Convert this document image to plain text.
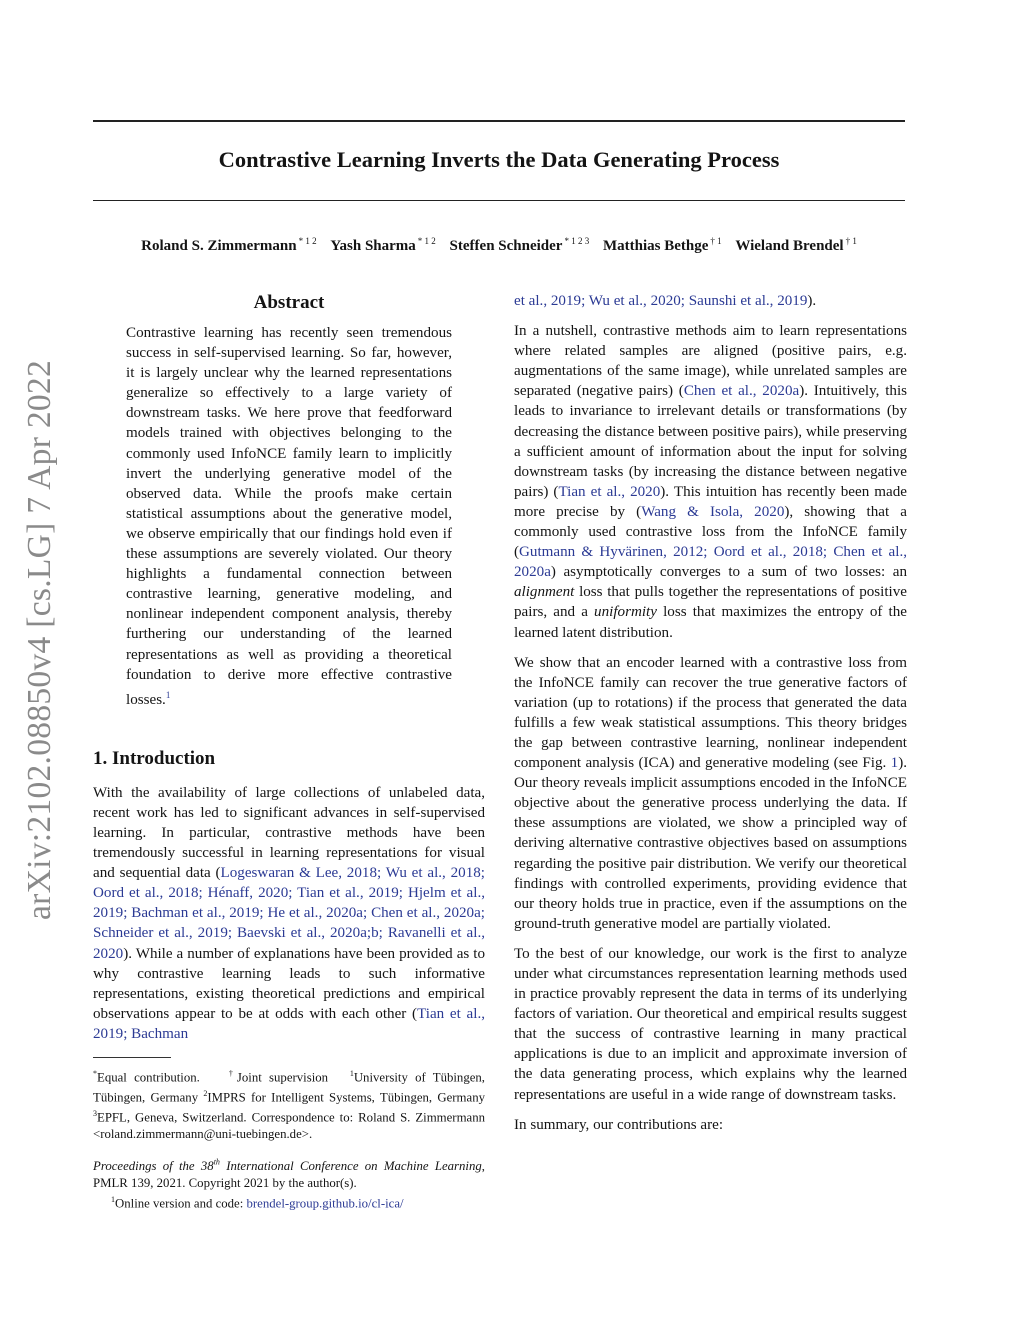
arXiv:2102.08850v4 [cs.LG] 7 Apr 2022
Contrastive Learning Inverts the Data Generating Process
Roland S. Zimmermann $^{* 1 2}$ Yash Sharma $^{* 1 2}$ Steffen Schneider $^{* 1 2 3}$ Matthias Bethge $^{\dagger 1}$ Wieland Brendel $^{\dagger 1}$
Abstract

Contrastive learning has recently seen tremendous success in self-supervised learning. So far, however, it is largely unclear why the learned representations generalize so effectively to a large variety of downstream tasks. We here prove that feedforward models trained with objectives belonging to the commonly used InfoNCE family learn to implicitly invert the underlying generative model of the observed data. While the proofs make certain statistical assumptions about the generative model, we observe empirically that our findings hold even if these assumptions are severely violated. Our theory highlights a fundamental connection between contrastive learning, generative modeling, and nonlinear independent component analysis, thereby furthering our understanding of the learned representations as well as providing a theoretical foundation to derive more effective contrastive losses.$^1$

1. Introduction

With the availability of large collections of unlabeled data, recent work has led to significant advances in self-supervised learning. In particular, contrastive methods have been tremendously successful in learning representations for visual and sequential data (Logeswaran & Lee, 2018; Wu et al., 2018; Oord et al., 2018; Hénaff, 2020; Tian et al., 2019; Hjelm et al., 2019; Bachman et al., 2019; He et al., 2020a; Chen et al., 2020a; Schneider et al., 2019; Baevski et al., 2020a;b; Ravanelli et al., 2020). While a number of explanations have been provided as to why contrastive learning leads to such informative representations, existing theoretical predictions and empirical observations appear to be at odds with each other (Tian et al., 2019; Bachman

*Equal contribution.	†Joint supervision	$^1$University of Tübingen, Tübingen, Germany $^2$IMPRS for Intelligent Systems, Tübingen, Germany $^3$EPFL, Geneva, Switzerland. Correspondence to: Roland S. Zimmermann <roland.zimmermann@uni-tuebingen.de>.

Proceedings of the 38th International Conference on Machine Learning, PMLR 139, 2021. Copyright 2021 by the author(s).

$^1$Online version and code: brendel-group.github.io/cl-ica/

et al., 2019; Wu et al., 2020; Saunshi et al., 2019).

In a nutshell, contrastive methods aim to learn representations where related samples are aligned (positive pairs, e.g. augmentations of the same image), while unrelated samples are separated (negative pairs) (Chen et al., 2020a). Intuitively, this leads to invariance to irrelevant details or transformations (by decreasing the distance between positive pairs), while preserving a sufficient amount of information about the input for solving downstream tasks (by increasing the distance between negative pairs) (Tian et al., 2020). This intuition has recently been made more precise by (Wang & Isola, 2020), showing that a commonly used contrastive loss from the InfoNCE family (Gutmann & Hyvärinen, 2012; Oord et al., 2018; Chen et al., 2020a) asymptotically converges to a sum of two losses: an alignment loss that pulls together the representations of positive pairs, and a uniformity loss that maximizes the entropy of the learned latent distribution.

We show that an encoder learned with a contrastive loss from the InfoNCE family can recover the true generative factors of variation (up to rotations) if the process that generated the data fulfills a few weak statistical assumptions. This theory bridges the gap between contrastive learning, nonlinear independent component analysis (ICA) and generative modeling (see Fig. 1). Our theory reveals implicit assumptions encoded in the InfoNCE objective about the generative process underlying the data. If these assumptions are violated, we show a principled way of deriving alternative contrastive objectives based on assumptions regarding the positive pair distribution. We verify our theoretical findings with controlled experiments, providing evidence that our theory holds true in practice, even if the assumptions on the ground-truth generative model are partially violated.

To the best of our knowledge, our work is the first to analyze under what circumstances representation learning methods used in practice provably represent the data in terms of its underlying factors of variation. Our theoretical and empirical results suggest that the success of contrastive learning in many practical applications is due to an implicit and approximate inversion of the data generating process, which explains why the learned representations are useful in a wide range of downstream tasks.

In summary, our contributions are:
